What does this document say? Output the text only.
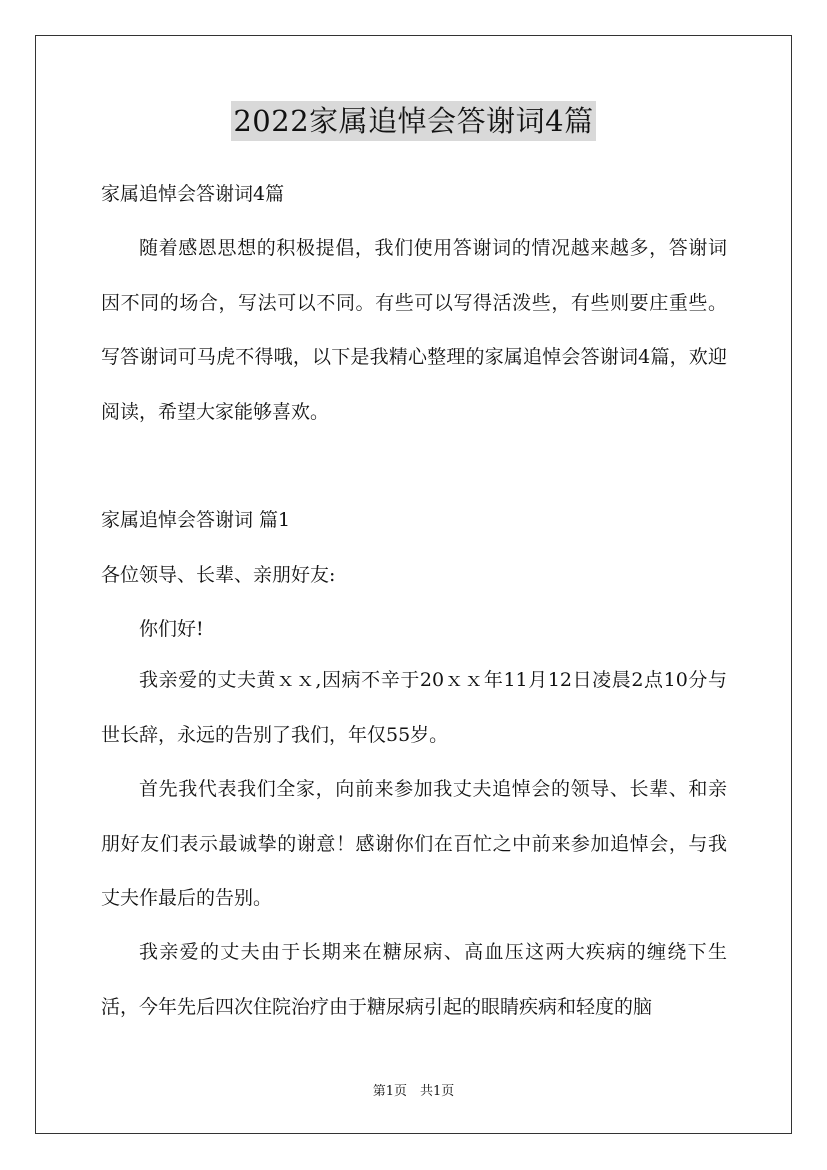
2022家属追悼会答谢词4篇
家属追悼会答谢词4篇
随着感恩思想的积极提倡，我们使用答谢词的情况越来越多，答谢词因不同的场合，写法可以不同。有些可以写得活泼些，有些则要庄重些。写答谢词可马虎不得哦，以下是我精心整理的家属追悼会答谢词4篇，欢迎阅读，希望大家能够喜欢。
家属追悼会答谢词 篇1
各位领导、长辈、亲朋好友:
你们好!
我亲爱的丈夫黄ｘｘ,因病不辛于20ｘｘ年11月12日凌晨2点10分与世长辞，永远的告别了我们，年仅55岁。
首先我代表我们全家，向前来参加我丈夫追悼会的领导、长辈、和亲朋好友们表示最诚挚的谢意！感谢你们在百忙之中前来参加追悼会，与我丈夫作最后的告别。
我亲爱的丈夫由于长期来在糖尿病、高血压这两大疾病的缠绕下生活，今年先后四次住院治疗由于糖尿病引起的眼睛疾病和轻度的脑
第1页　共1页
